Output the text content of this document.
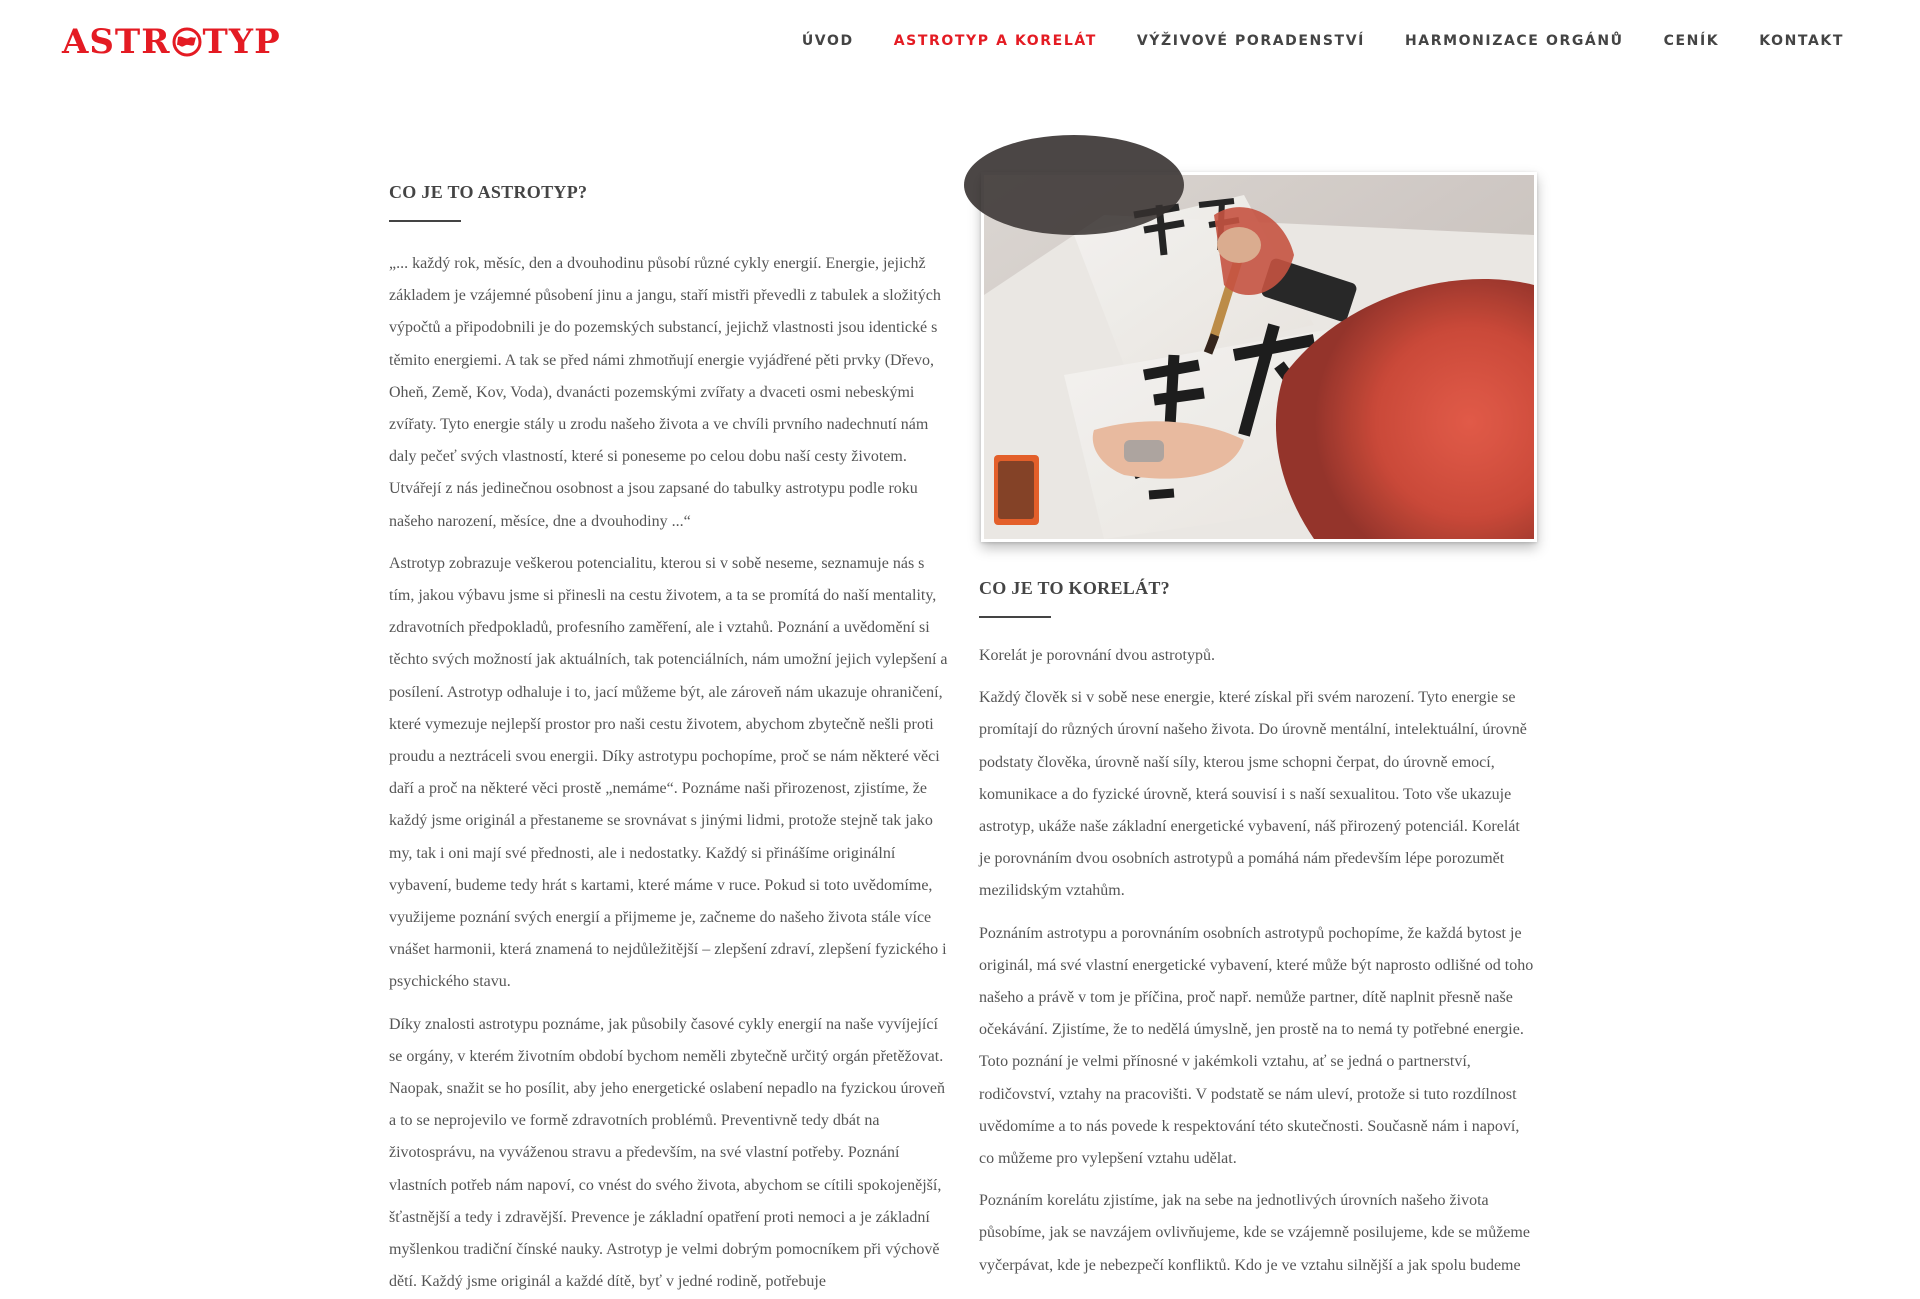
ASTR TYP	ÚVOD	ASTROTYP A KORELÁT	VÝŽIVOVÉ PORADENSTVÍ	HARMONIZACE ORGÁNŮ	CENÍK	KONTAKT
CO JE TO ASTROTYP?

„... každý rok, měsíc, den a dvouhodinu působí různé cykly energií. Energie, jejichž základem je vzájemné působení jinu a jangu, staří mistři převedli z tabulek a složitých výpočtů a připodobnili je do pozemských substancí, jejichž vlastnosti jsou identické s těmito energiemi. A tak se před námi zhmotňují energie vyjádřené pěti prvky (Dřevo, Oheň, Země, Kov, Voda), dvanácti pozemskými zvířaty a dvaceti osmi nebeskými zvířaty. Tyto energie stály u zrodu našeho života a ve chvíli prvního nadechnutí nám daly pečeť svých vlastností, které si poneseme po celou dobu naší cesty životem. Utvářejí z nás jedinečnou osobnost a jsou zapsané do tabulky astrotypu podle roku našeho narození, měsíce, dne a dvouhodiny ...“

Astrotyp zobrazuje veškerou potencialitu, kterou si v sobě neseme, seznamuje nás s tím, jakou výbavu jsme si přinesli na cestu životem, a ta se promítá do naší mentality, zdravotních předpokladů, profesního zaměření, ale i vztahů. Poznání a uvědomění si těchto svých možností jak aktuálních, tak potenciálních, nám umožní jejich vylepšení a posílení. Astrotyp odhaluje i to, jací můžeme být, ale zároveň nám ukazuje ohraničení, které vymezuje nejlepší prostor pro naši cestu životem, abychom zbytečně nešli proti proudu a neztráceli svou energii. Díky astrotypu pochopíme, proč se nám některé věci daří a proč na některé věci prostě „nemáme“. Poznáme naši přirozenost, zjistíme, že každý jsme originál a přestaneme se srovnávat s jinými lidmi, protože stejně tak jako my, tak i oni mají své přednosti, ale i nedostatky. Každý si přinášíme originální vybavení, budeme tedy hrát s kartami, které máme v ruce. Pokud si toto uvědomíme, využijeme poznání svých energií a přijmeme je, začneme do našeho života stále více vnášet harmonii, která znamená to nejdůležitější – zlepšení zdraví, zlepšení fyzického i psychického stavu.

Díky znalosti astrotypu poznáme, jak působily časové cykly energií na naše vyvíjející se orgány, v kterém životním období bychom neměli zbytečně určitý orgán přetěžovat. Naopak, snažit se ho posílit, aby jeho energetické oslabení nepadlo na fyzickou úroveň a to se neprojevilo ve formě zdravotních problémů. Preventivně tedy dbát na životosprávu, na vyváženou stravu a především, na své vlastní potřeby. Poznání vlastních potřeb nám napoví, co vnést do svého života, abychom se cítili spokojenější, šťastnější a tedy i zdravější. Prevence je základní opatření proti nemoci a je základní myšlenkou tradiční čínské nauky. Astrotyp je velmi dobrým pomocníkem při výchově dětí. Každý jsme originál a každé dítě, byť v jedné rodině, potřebuje

CO JE TO KORELÁT?

Korelát je porovnání dvou astrotypů.

Každý člověk si v sobě nese energie, které získal při svém narození. Tyto energie se promítají do různých úrovní našeho života. Do úrovně mentální, intelektuální, úrovně podstaty člověka, úrovně naší síly, kterou jsme schopni čerpat, do úrovně emocí, komunikace a do fyzické úrovně, která souvisí i s naší sexualitou. Toto vše ukazuje astrotyp, ukáže naše základní energetické vybavení, náš přirozený potenciál. Korelát je porovnáním dvou osobních astrotypů a pomáhá nám především lépe porozumět mezilidským vztahům.

Poznáním astrotypu a porovnáním osobních astrotypů pochopíme, že každá bytost je originál, má své vlastní energetické vybavení, které může být naprosto odlišné od toho našeho a právě v tom je příčina, proč např. nemůže partner, dítě naplnit přesně naše očekávání. Zjistíme, že to nedělá úmyslně, jen prostě na to nemá ty potřebné energie. Toto poznání je velmi přínosné v jakémkoli vztahu, ať se jedná o partnerství, rodičovství, vztahy na pracovišti. V podstatě se nám uleví, protože si tuto rozdílnost uvědomíme a to nás povede k respektování této skutečnosti. Současně nám i napoví, co můžeme pro vylepšení vztahu udělat.

Poznáním korelátu zjistíme, jak na sebe na jednotlivých úrovních našeho života působíme, jak se navzájem ovlivňujeme, kde se vzájemně posilujeme, kde se můžeme vyčerpávat, kde je nebezpečí konfliktů. Kdo je ve vztahu silnější a jak spolu budeme
